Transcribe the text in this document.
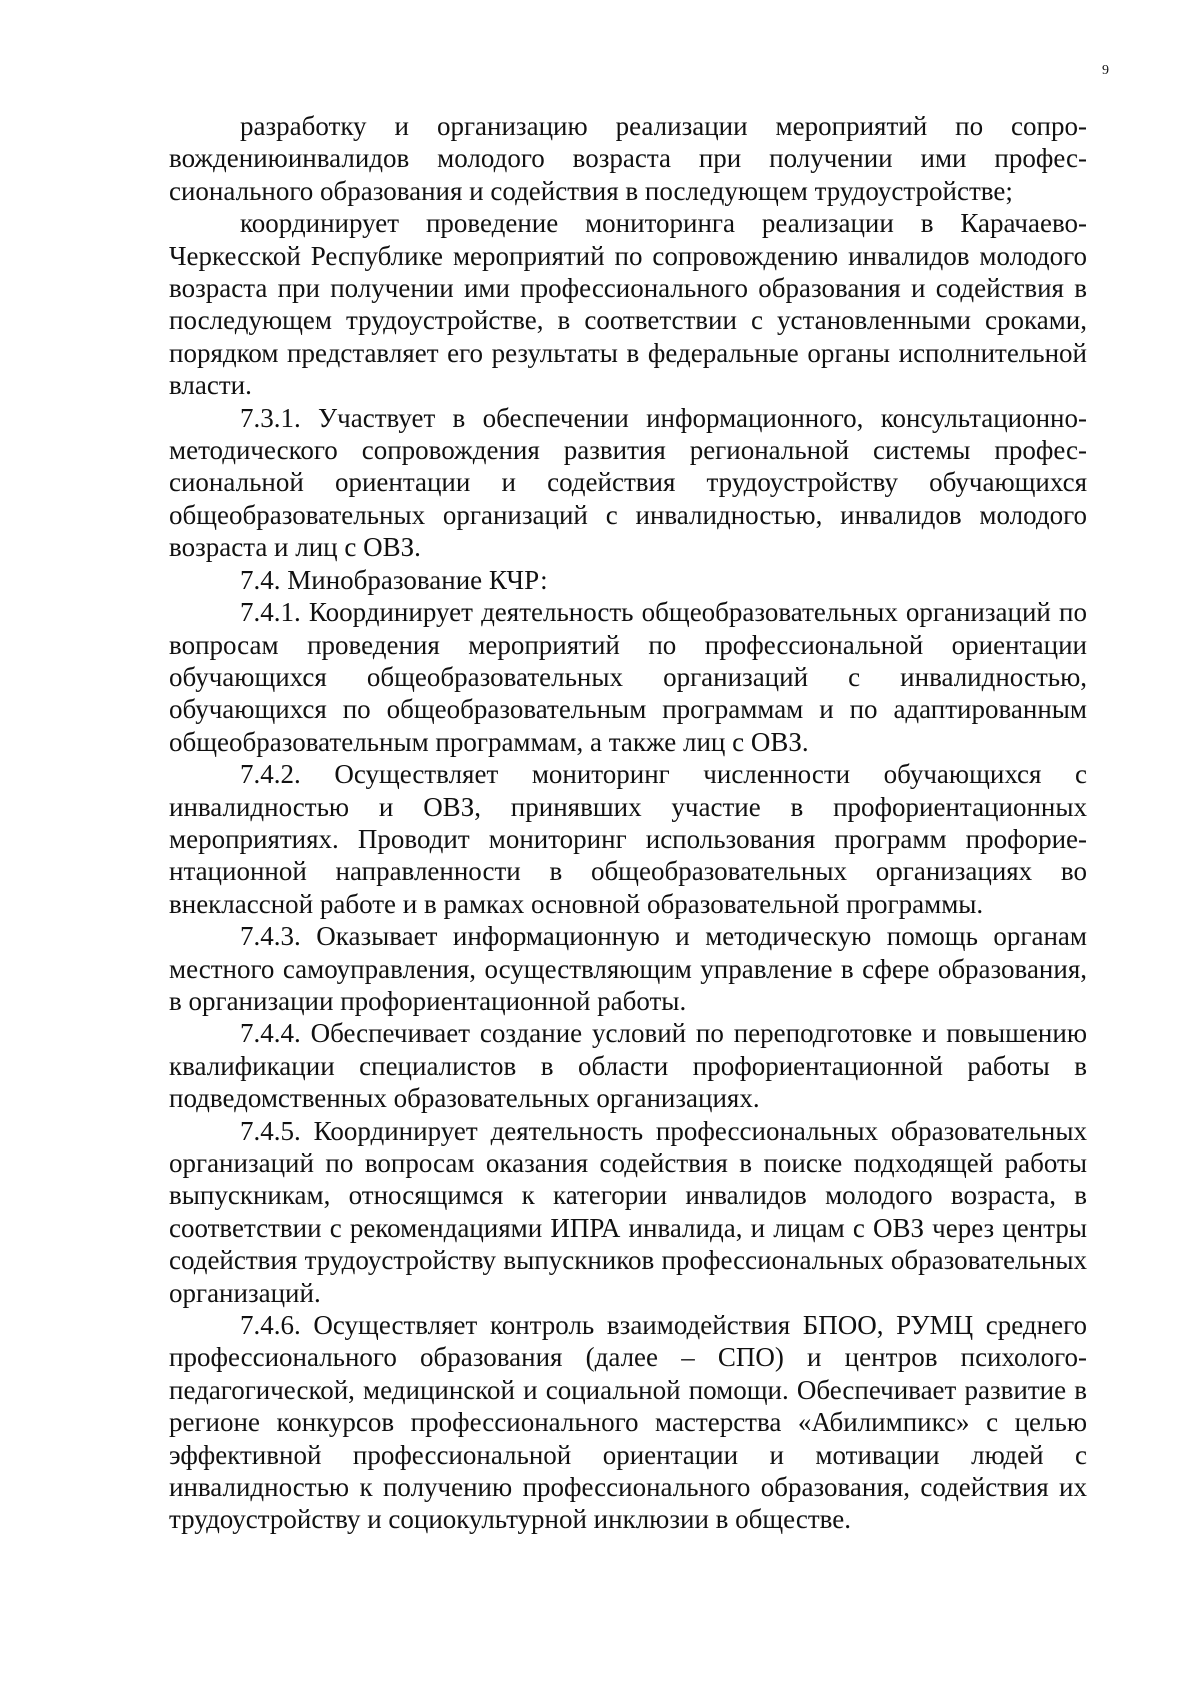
9

разработку и организацию реализации мероприятий по сопровождениюинвалидов молодого возраста при получении ими профессионального образования и содействия в последующем трудоустройстве;

координирует проведение мониторинга реализации в Карачаево-Черкесской Республике мероприятий по сопровождению инвалидов молодого возраста при получении ими профессионального образования и содействия в последующем трудоустройстве, в соответствии с установленными сроками, порядком представляет его результаты в федеральные органы исполнительной власти.

7.3.1. Участвует в обеспечении информационного, консультационно-методического сопровождения развития региональной системы профессиональной ориентации и содействия трудоустройству обучающихся общеобразовательных организаций с инвалидностью, инвалидов молодого возраста и лиц с ОВЗ.

7.4. Минобразование КЧР:

7.4.1. Координирует деятельность общеобразовательных организаций по вопросам проведения мероприятий по профессиональной ориентации обучающихся общеобразовательных организаций с инвалидностью, обучающихся по общеобразовательным программам и по адаптированным общеобразовательным программам, а также лиц с ОВЗ.

7.4.2. Осуществляет мониторинг численности обучающихся с инвалидностью и ОВЗ, принявших участие в профориентационных мероприятиях. Проводит мониторинг использования программ профориентационной направленности в общеобразовательных организациях во внеклассной работе и в рамках основной образовательной программы.

7.4.3. Оказывает информационную и методическую помощь органам местного самоуправления, осуществляющим управление в сфере образования, в организации профориентационной работы.

7.4.4. Обеспечивает создание условий по переподготовке и повышению квалификации специалистов в области профориентационной работы в подведомственных образовательных организациях.

7.4.5. Координирует деятельность профессиональных образовательных организаций по вопросам оказания содействия в поиске подходящей работы выпускникам, относящимся к категории инвалидов молодого возраста, в соответствии с рекомендациями ИПРА инвалида, и лицам с ОВЗ через центры содействия трудоустройству выпускников профессиональных образовательных организаций.

7.4.6. Осуществляет контроль взаимодействия БПОО, РУМЦ среднего профессионального образования (далее – СПО) и центров психолого-педагогической, медицинской и социальной помощи. Обеспечивает развитие в регионе конкурсов профессионального мастерства «Абилимпикс» с целью эффективной профессиональной ориентации и мотивации людей с инвалидностью к получению профессионального образования, содействия их трудоустройству и социокультурной инклюзии в обществе.
